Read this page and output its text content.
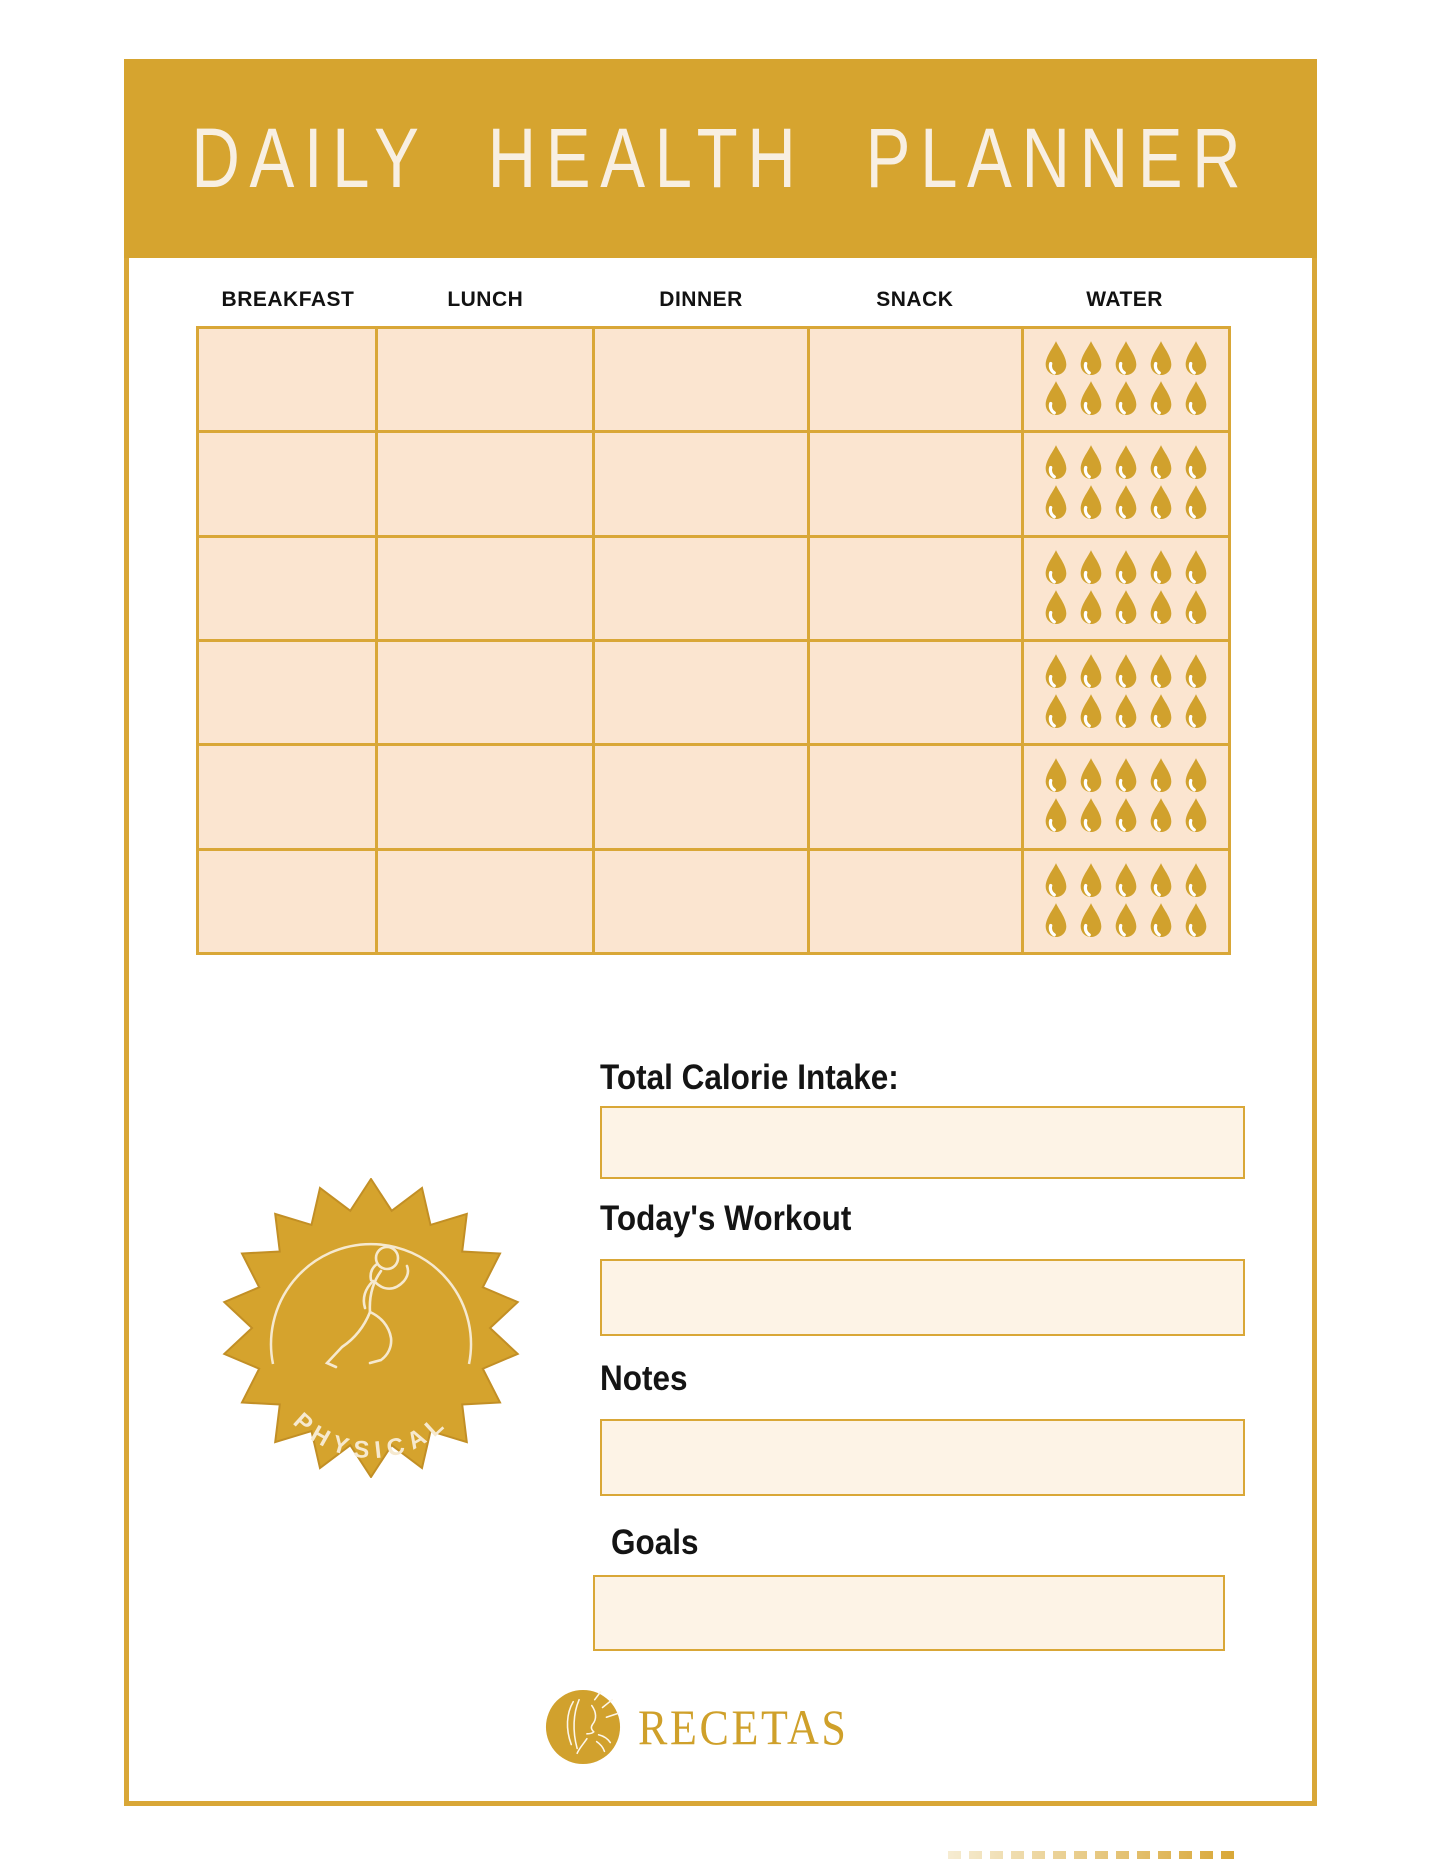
DAILY HEALTH PLANNER
BREAKFAST	LUNCH	DINNER	SNACK	WATER
Total Calorie Intake:
Today's Workout
Notes
Goals
PHYSICAL
RECETAS
